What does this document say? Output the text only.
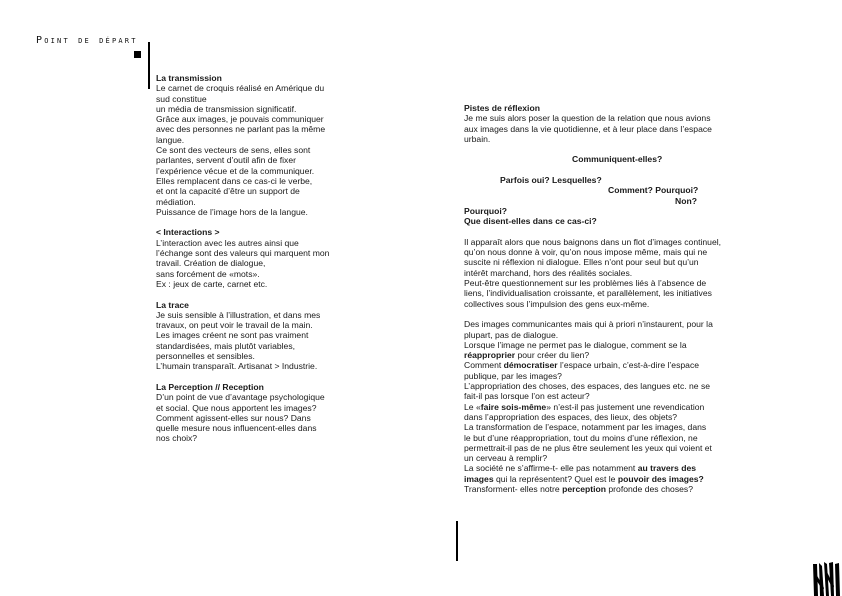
Point de départ
La transmission
Le carnet de croquis réalisé en Amérique du
sud constitue
un média de transmission significatif.
Grâce aux images, je pouvais communiquer
avec des personnes ne parlant pas la même
langue.
Ce sont des vecteurs de sens, elles sont
parlantes, servent d’outil afin de fixer
l’expérience vécue et de la communiquer.
Elles remplacent dans ce cas-ci le verbe,
et ont la capacité d’être un support de
médiation.
Puissance de l’image hors de la langue.
< Interactions >
L’interaction avec les autres ainsi que
l’échange sont des valeurs qui marquent mon
travail. Création de dialogue,
sans forcément de «mots».
Ex : jeux de carte, carnet etc.
La trace
Je suis sensible à l’illustration, et dans mes
travaux, on peut voir le travail de la main.
Les images créent ne sont pas vraiment
standardisées, mais plutôt variables,
personnelles et sensibles.
L’humain transparaît. Artisanat > Industrie.
La Perception // Reception
D’un point de vue d’avantage psychologique
et social. Que nous apportent les images?
Comment agissent-elles sur nous? Dans
quelle mesure nous influencent-elles dans
nos choix?
Pistes de réflexion
Je me suis alors poser la question de la relation que nous avions
aux images dans la vie quotidienne, et à leur place dans l’espace
urbain.
Communiquent-elles?
Parfois oui? Lesquelles?
Comment? Pourquoi?
Non?
Pourquoi?
Que disent-elles dans ce cas-ci?
Il apparaît alors que nous baignons dans un flot d’images continuel,
qu’on nous donne à voir, qu’on nous impose même, mais qui ne
suscite ni réflexion ni dialogue. Elles n’ont pour seul but qu’un
intérêt marchand, hors des réalités sociales.
Peut-être questionnement sur les problèmes liés à l’absence de
liens, l’individualisation croissante, et parallèlement, les initiatives
collectives sous l’impulsion des gens eux-même.
Des images communicantes mais qui à priori n’instaurent, pour la
plupart, pas de dialogue.
Lorsque l’image ne permet pas le dialogue, comment se la
réapproprier pour créer du lien?
Comment démocratiser l’espace urbain, c’est-à-dire l’espace
publique, par les images?
L’appropriation des choses, des espaces, des langues etc. ne se
fait-il pas lorsque l’on est acteur?
Le «faire sois-même» n’est-il pas justement une revendication
dans l’appropriation des espaces, des lieux, des objets?
La transformation de l’espace, notamment par les images, dans
le but d’une réappropriation, tout du moins d’une réflexion, ne
permettrait-il pas de ne plus être seulement les yeux qui voient et
un cerveau à remplir?
La société ne s’affirme-t- elle pas notamment au travers des
images qui la représentent? Quel est le pouvoir des images?
Transforment- elles notre perception profonde des choses?
